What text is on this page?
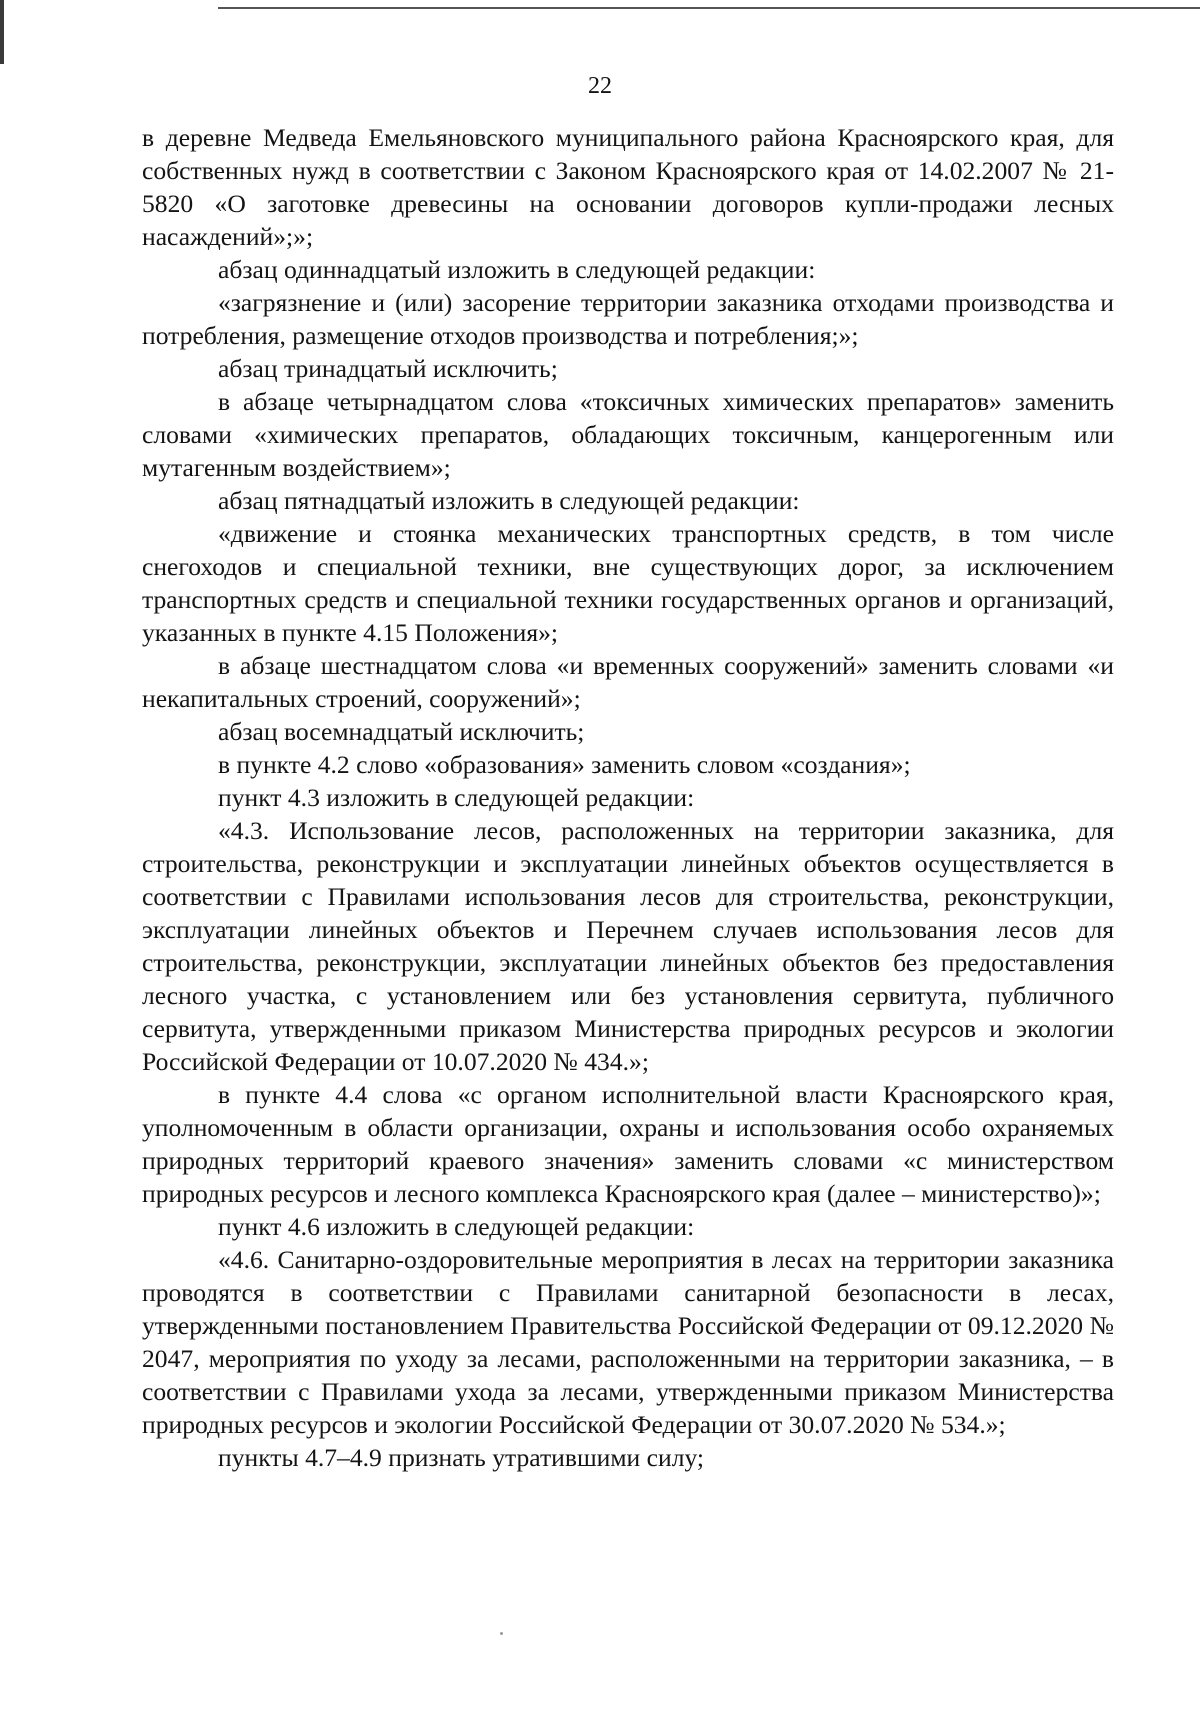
22

в деревне Медведа Емельяновского муниципального района Красноярского края, для собственных нужд в соответствии с Законом Красноярского края от 14.02.2007 № 21-5820 «О заготовке древесины на основании договоров купли-продажи лесных насаждений»;»;

абзац одиннадцатый изложить в следующей редакции:

«загрязнение и (или) засорение территории заказника отходами производства и потребления, размещение отходов производства и потребления;»;

абзац тринадцатый исключить;

в абзаце четырнадцатом слова «токсичных химических препаратов» заменить словами «химических препаратов, обладающих токсичным, канцерогенным или мутагенным воздействием»;

абзац пятнадцатый изложить в следующей редакции:

«движение и стоянка механических транспортных средств, в том числе снегоходов и специальной техники, вне существующих дорог, за исключением транспортных средств и специальной техники государственных органов и организаций, указанных в пункте 4.15 Положения»;

в абзаце шестнадцатом слова «и временных сооружений» заменить словами «и некапитальных строений, сооружений»;

абзац восемнадцатый исключить;

в пункте 4.2 слово «образования» заменить словом «создания»;

пункт 4.3 изложить в следующей редакции:

«4.3. Использование лесов, расположенных на территории заказника, для строительства, реконструкции и эксплуатации линейных объектов осуществляется в соответствии с Правилами использования лесов для строительства, реконструкции, эксплуатации линейных объектов и Перечнем случаев использования лесов для строительства, реконструкции, эксплуатации линейных объектов без предоставления лесного участка, с установлением или без установления сервитута, публичного сервитута, утвержденными приказом Министерства природных ресурсов и экологии Российской Федерации от 10.07.2020 № 434.»;

в пункте 4.4 слова «с органом исполнительной власти Красноярского края, уполномоченным в области организации, охраны и использования особо охраняемых природных территорий краевого значения» заменить словами «с министерством природных ресурсов и лесного комплекса Красноярского края (далее – министерство)»;

пункт 4.6 изложить в следующей редакции:

«4.6. Санитарно-оздоровительные мероприятия в лесах на территории заказника проводятся в соответствии с Правилами санитарной безопасности в лесах, утвержденными постановлением Правительства Российской Федерации от 09.12.2020 № 2047, мероприятия по уходу за лесами, расположенными на территории заказника, – в соответствии с Правилами ухода за лесами, утвержденными приказом Министерства природных ресурсов и экологии Российской Федерации от 30.07.2020 № 534.»;

пункты 4.7–4.9 признать утратившими силу;
